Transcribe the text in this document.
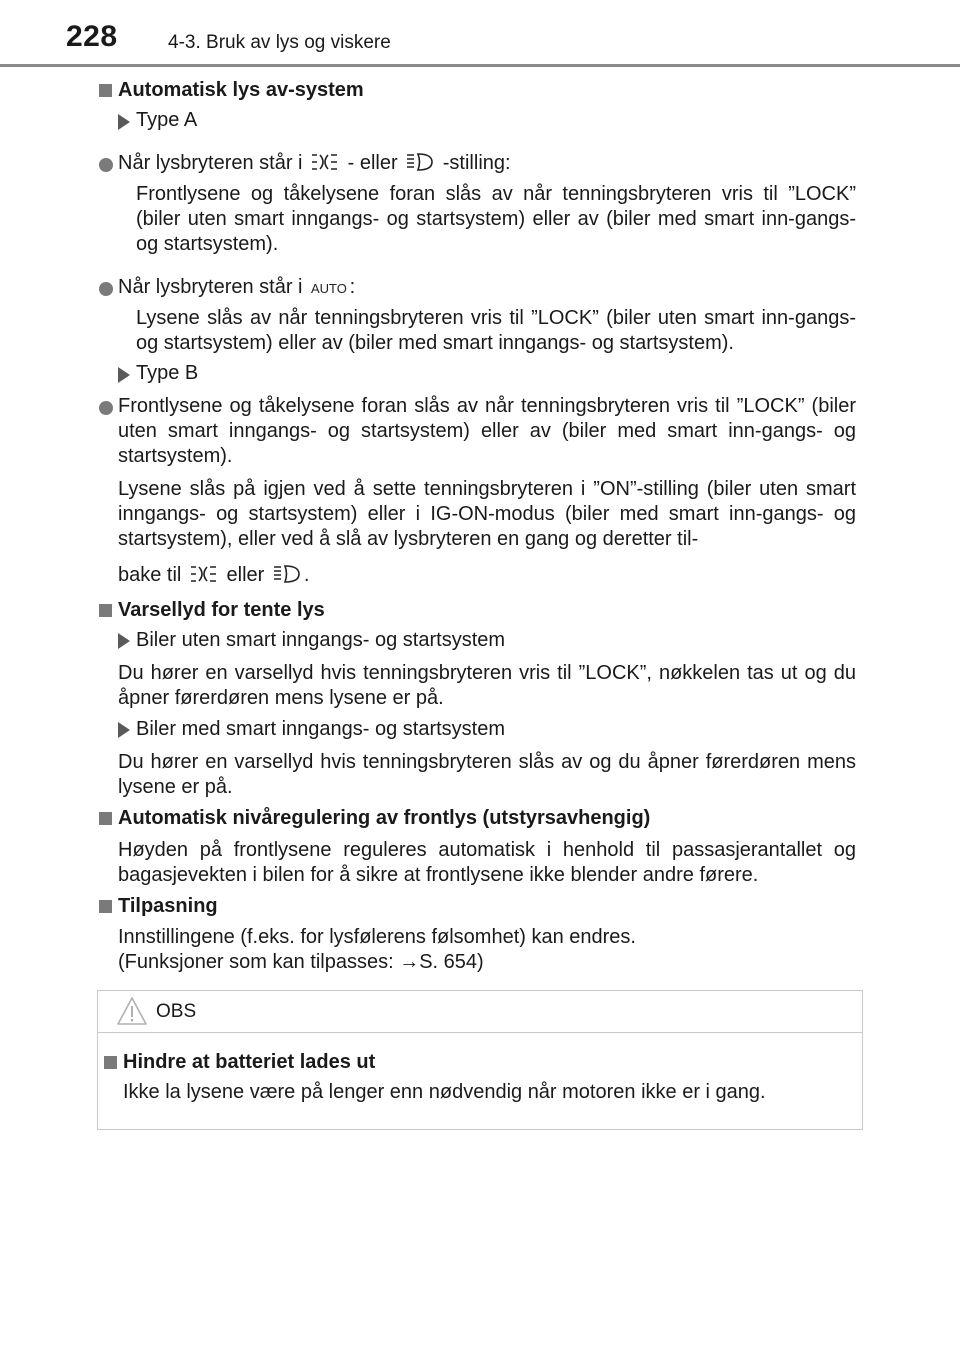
228	4-3. Bruk av lys og viskere
Automatisk lys av-system
Type A
Når lysbryteren står i - eller -stilling:
Frontlysene og tåkelysene foran slås av når tenningsbryteren vris til ”LOCK” (biler uten smart inngangs- og startsystem) eller av (biler med smart inn-gangs- og startsystem).
Når lysbryteren står i AUTO :
Lysene slås av når tenningsbryteren vris til ”LOCK” (biler uten smart inn-gangs- og startsystem) eller av (biler med smart inngangs- og startsystem).
Type B
Frontlysene og tåkelysene foran slås av når tenningsbryteren vris til ”LOCK” (biler uten smart inngangs- og startsystem) eller av (biler med smart inn-gangs- og startsystem).
Lysene slås på igjen ved å sette tenningsbryteren i ”ON”-stilling (biler uten smart inngangs- og startsystem) eller i IG-ON-modus (biler med smart inn-gangs- og startsystem), eller ved å slå av lysbryteren en gang og deretter til-
bake til eller .
Varsellyd for tente lys
Biler uten smart inngangs- og startsystem
Du hører en varsellyd hvis tenningsbryteren vris til ”LOCK”, nøkkelen tas ut og du åpner førerdøren mens lysene er på.
Biler med smart inngangs- og startsystem
Du hører en varsellyd hvis tenningsbryteren slås av og du åpner førerdøren mens lysene er på.
Automatisk nivåregulering av frontlys (utstyrsavhengig)
Høyden på frontlysene reguleres automatisk i henhold til passasjerantallet og bagasjevekten i bilen for å sikre at frontlysene ikke blender andre førere.
Tilpasning
Innstillingene (f.eks. for lysfølerens følsomhet) kan endres.
(Funksjoner som kan tilpasses: →S. 654)
OBS
Hindre at batteriet lades ut
Ikke la lysene være på lenger enn nødvendig når motoren ikke er i gang.
